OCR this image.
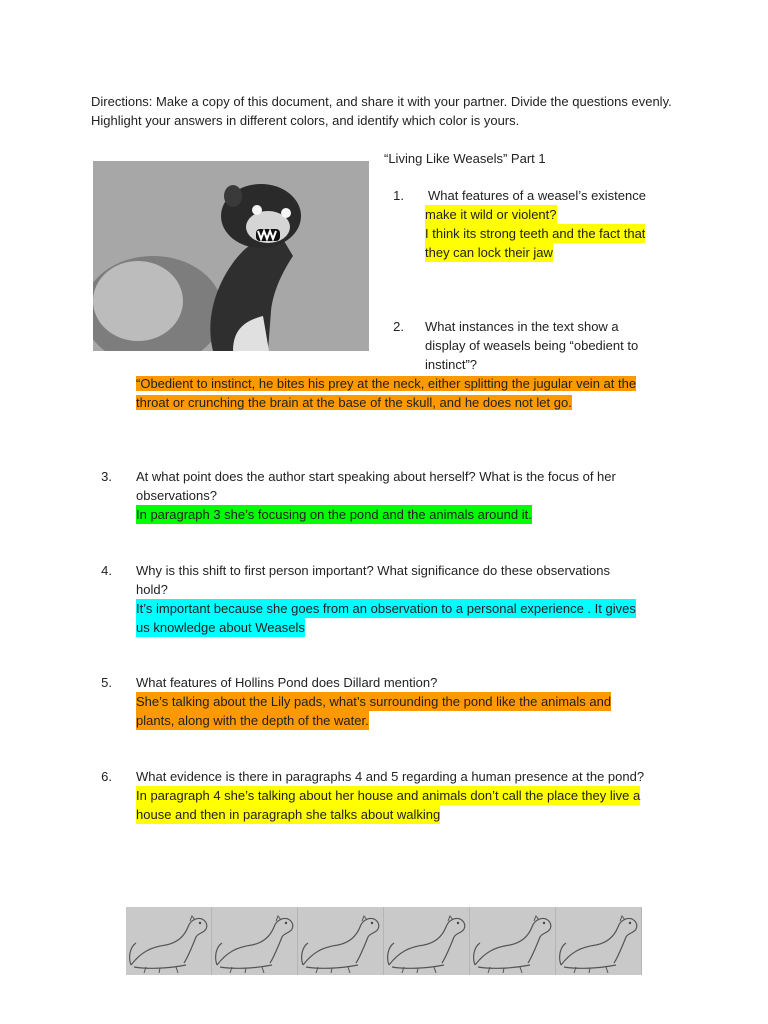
Directions: Make a copy of this document, and share it with your partner. Divide the questions evenly. Highlight your answers in different colors, and identify which color is yours.
“Living Like Weasels” Part 1
1. What features of a weasel’s existence
make it wild or violent?
I think its strong teeth and the fact that
they can lock their jaw
2. What instances in the text show a
display of weasels being “obedient to
instinct”?
“Obedient to instinct, he bites his prey at the neck, either splitting the jugular vein at the
throat or crunching the brain at the base of the skull, and he does not let go.
3. At what point does the author start speaking about herself? What is the focus of her
observations?
In paragraph 3 she’s focusing on the pond and the animals around it.
4. Why is this shift to first person important? What significance do these observations
hold?
It’s important because she goes from an observation to a personal experience . It gives
us knowledge about Weasels
5. What features of Hollins Pond does Dillard mention?
She’s talking about the Lily pads, what’s surrounding the pond like the animals and
plants, along with the depth of the water.
6. What evidence is there in paragraphs 4 and 5 regarding a human presence at the pond?
In paragraph 4 she’s talking about her house and animals don’t call the place they live a
house and then in paragraph she talks about walking
